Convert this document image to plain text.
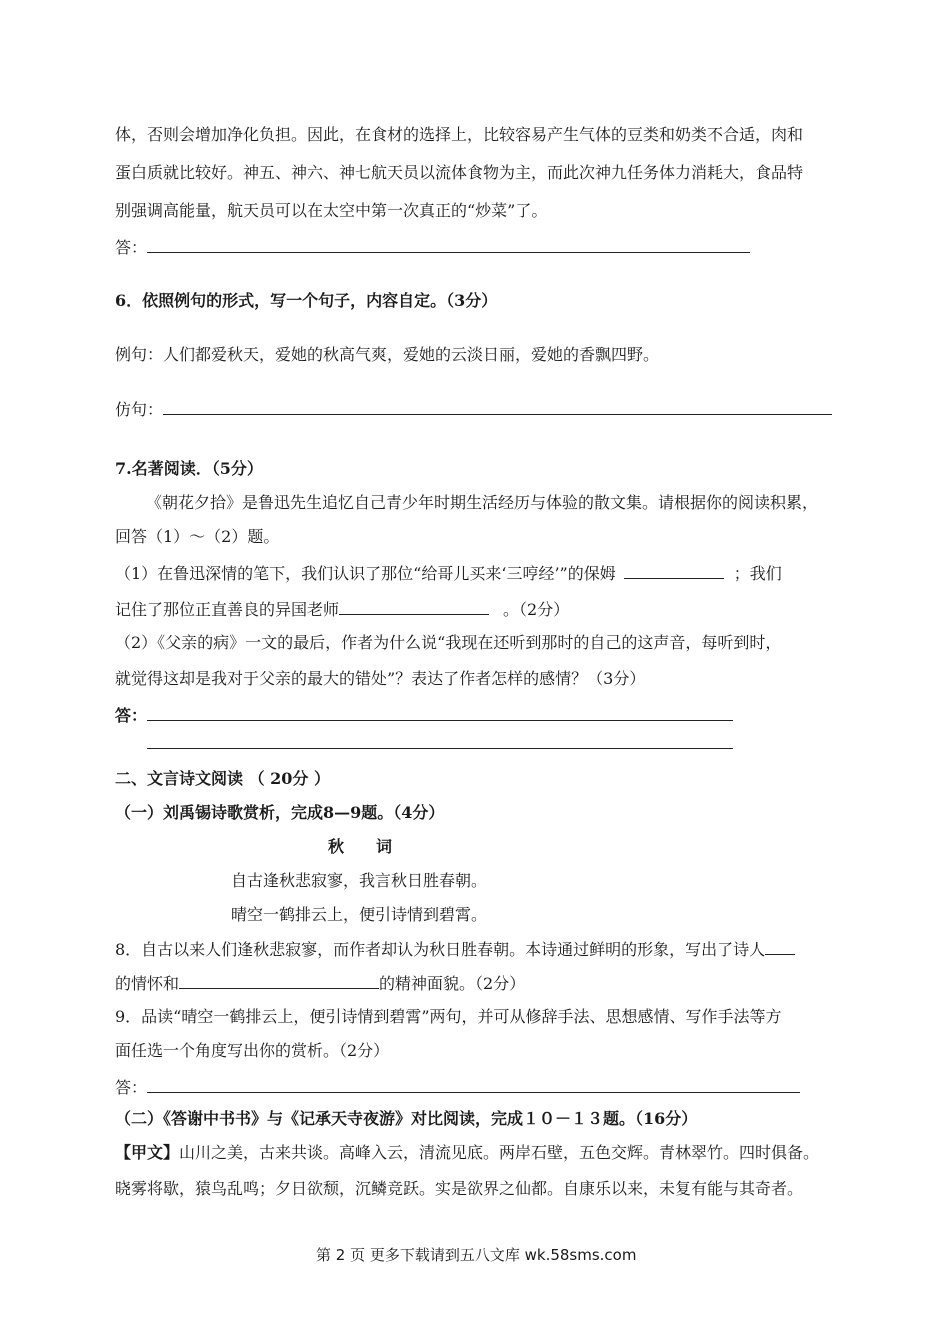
体，否则会增加净化负担。因此，在食材的选择上，比较容易产生气体的豆类和奶类不合适，肉和
蛋白质就比较好。神五、神六、神七航天员以流体食物为主，而此次神九任务体力消耗大，食品特
别强调高能量，航天员可以在太空中第一次真正的“炒菜”了。
答：
6．依照例句的形式，写一个句子，内容自定。（3分）
例句：人们都爱秋天，爱她的秋高气爽，爱她的云淡日丽，爱她的香飘四野。
仿句：
7.名著阅读．（5分）
《朝花夕拾》是鲁迅先生追忆自己青少年时期生活经历与体验的散文集。请根据你的阅读积累，
回答（1）～（2）题。
（1）在鲁迅深情的笔下，我们认识了那位“给哥儿买来‘三哼经’”的保姆	；我们
记住了那位正直善良的异国老师	。（2分）
（2）《父亲的病》一文的最后，作者为什么说“我现在还听到那时的自己的这声音，每听到时，
就觉得这却是我对于父亲的最大的错处”？表达了作者怎样的感情？（3分）
答：
二、文言诗文阅读 （ 20分 ）
（一）刘禹锡诗歌赏析，完成8—9题。（4分）
秋　　词
自古逢秋悲寂寥，我言秋日胜春朝。
晴空一鹤排云上，便引诗情到碧霄。
8．自古以来人们逢秋悲寂寥，而作者却认为秋日胜春朝。本诗通过鲜明的形象，写出了诗人
的情怀和	的精神面貌。（2分）
9．品读“晴空一鹤排云上，便引诗情到碧霄”两句，并可从修辞手法、思想感情、写作手法等方
面任选一个角度写出你的赏析。（2分）
答：
（二）《答谢中书书》与《记承天寺夜游》对比阅读，完成１０－１３题。（16分）
【甲文】山川之美，古来共谈。高峰入云，清流见底。两岸石壁，五色交辉。青林翠竹。四时俱备。
晓雾将歇，猿鸟乱鸣；夕日欲颓，沉鳞竞跃。实是欲界之仙都。自康乐以来，未复有能与其奇者。
第 2 页 更多下载请到五八文库 wk.58sms.com
